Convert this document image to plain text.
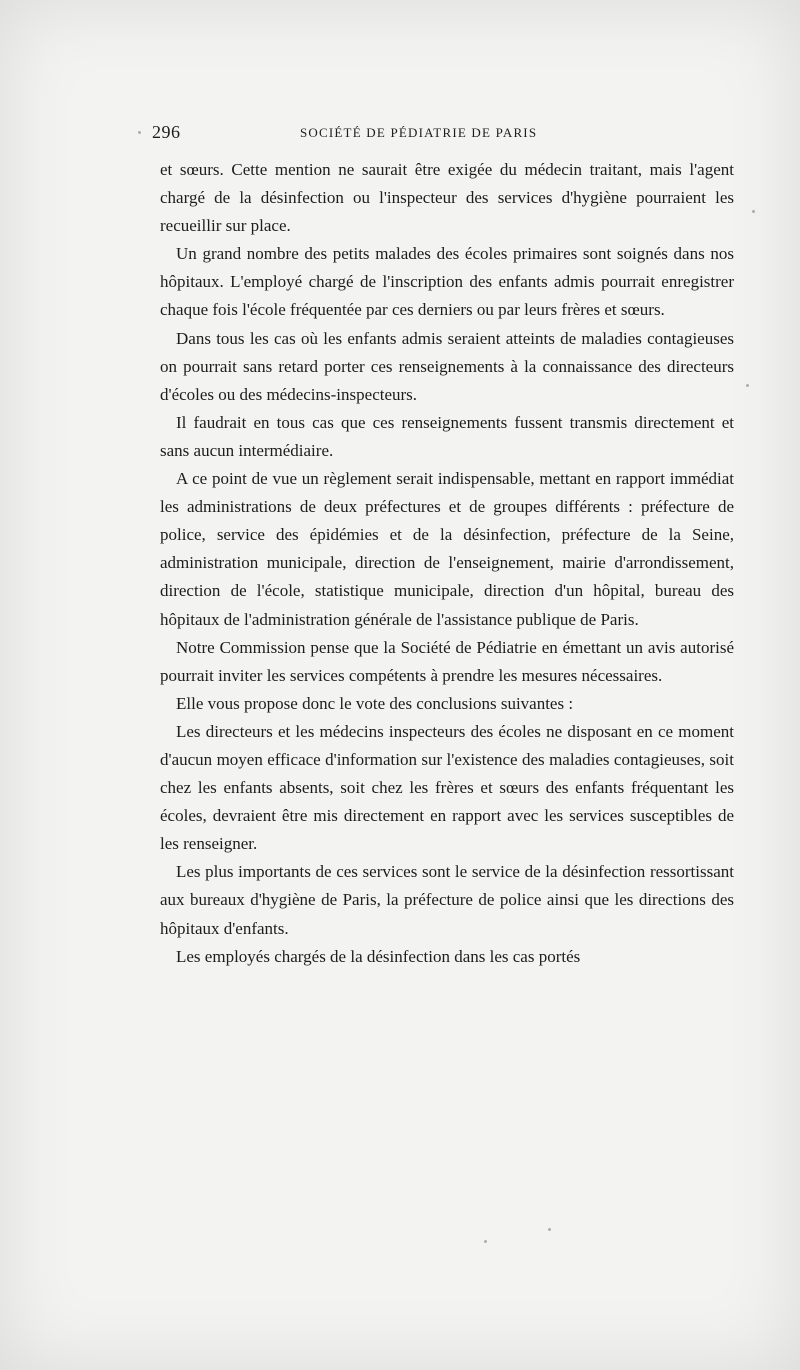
296	SOCIÉTÉ DE PÉDIATRIE DE PARIS

et sœurs. Cette mention ne saurait être exigée du médecin traitant, mais l'agent chargé de la désinfection ou l'inspecteur des services d'hygiène pourraient les recueillir sur place.

Un grand nombre des petits malades des écoles primaires sont soignés dans nos hôpitaux. L'employé chargé de l'inscription des enfants admis pourrait enregistrer chaque fois l'école fréquentée par ces derniers ou par leurs frères et sœurs.

Dans tous les cas où les enfants admis seraient atteints de maladies contagieuses on pourrait sans retard porter ces renseignements à la connaissance des directeurs d'écoles ou des médecins-inspecteurs.

Il faudrait en tous cas que ces renseignements fussent transmis directement et sans aucun intermédiaire.

A ce point de vue un règlement serait indispensable, mettant en rapport immédiat les administrations de deux préfectures et de groupes différents : préfecture de police, service des épidémies et de la désinfection, préfecture de la Seine, administration municipale, direction de l'enseignement, mairie d'arrondissement, direction de l'école, statistique municipale, direction d'un hôpital, bureau des hôpitaux de l'administration générale de l'assistance publique de Paris.

Notre Commission pense que la Société de Pédiatrie en émettant un avis autorisé pourrait inviter les services compétents à prendre les mesures nécessaires.

Elle vous propose donc le vote des conclusions suivantes :

Les directeurs et les médecins inspecteurs des écoles ne disposant en ce moment d'aucun moyen efficace d'information sur l'existence des maladies contagieuses, soit chez les enfants absents, soit chez les frères et sœurs des enfants fréquentant les écoles, devraient être mis directement en rapport avec les services susceptibles de les renseigner.

Les plus importants de ces services sont le service de la désinfection ressortissant aux bureaux d'hygiène de Paris, la préfecture de police ainsi que les directions des hôpitaux d'enfants.

Les employés chargés de la désinfection dans les cas portés
